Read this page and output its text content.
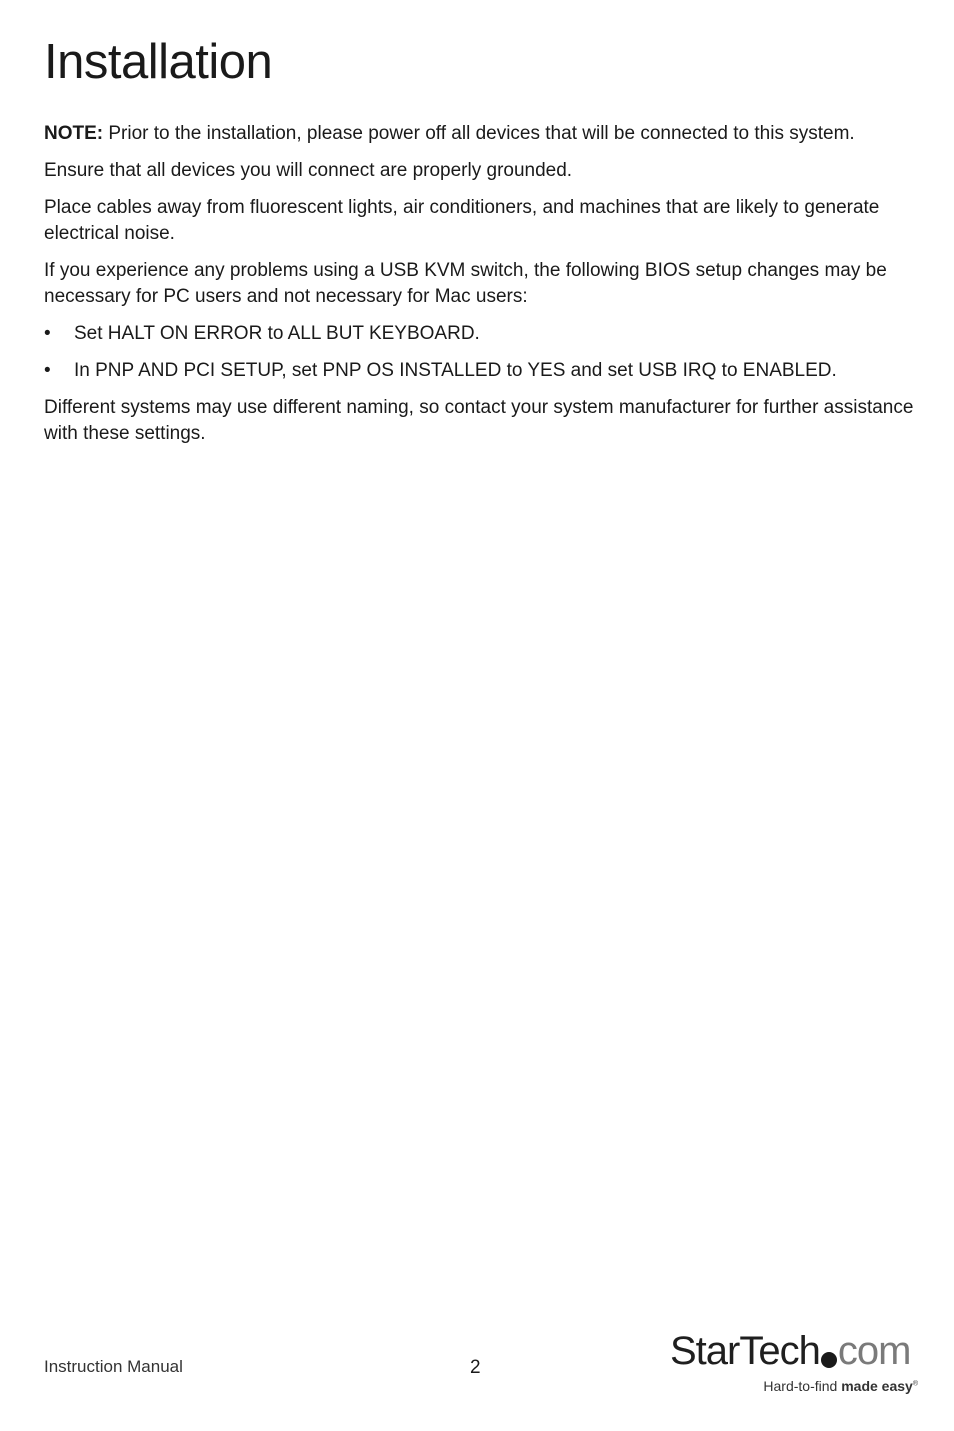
Installation

NOTE: Prior to the installation, please power off all devices that will be connected to this system.

Ensure that all devices you will connect are properly grounded.

Place cables away from fluorescent lights, air conditioners, and machines that are likely to generate electrical noise.

If you experience any problems using a USB KVM switch, the following BIOS setup changes may be necessary for PC users and not necessary for Mac users:

• Set HALT ON ERROR to ALL BUT KEYBOARD.
• In PNP AND PCI SETUP, set PNP OS INSTALLED to YES and set USB IRQ to ENABLED.

Different systems may use different naming, so contact your system manufacturer for further assistance with these settings.

Instruction Manual	2	StarTech com
Hard-to-find made easy®
